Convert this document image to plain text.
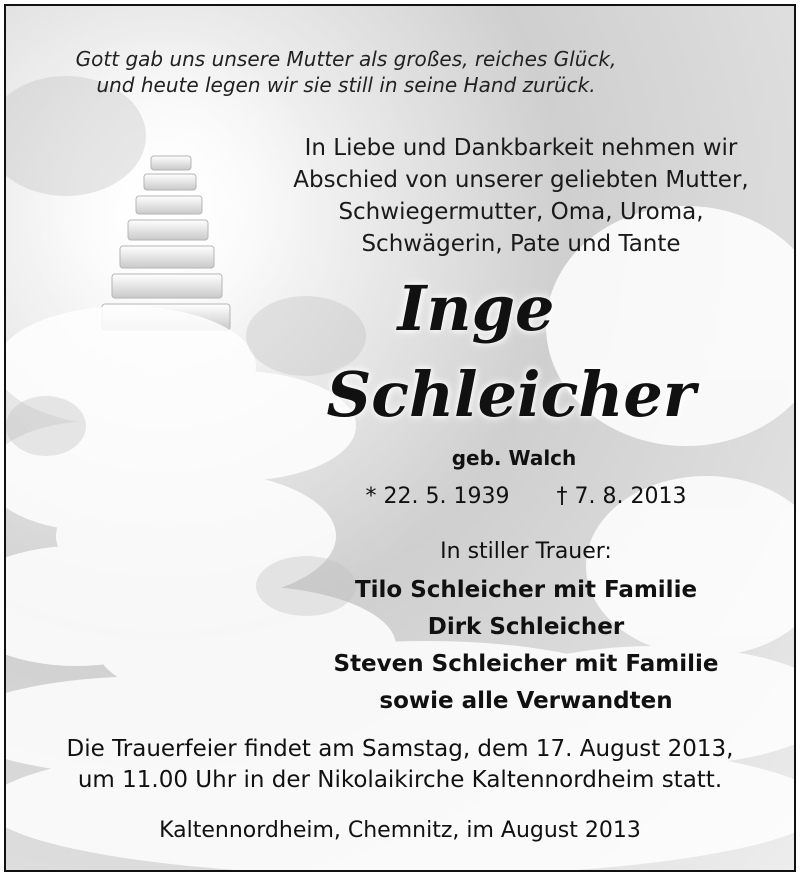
Gott gab uns unsere Mutter als großes, reiches Glück,
und heute legen wir sie still in seine Hand zurück.
In Liebe und Dankbarkeit nehmen wir
Abschied von unserer geliebten Mutter,
Schwiegermutter, Oma, Uroma,
Schwägerin, Pate und Tante
Inge
Schleicher
geb. Walch
* 22. 5. 1939 † 7. 8. 2013
In stiller Trauer:
Tilo Schleicher mit Familie
Dirk Schleicher
Steven Schleicher mit Familie
sowie alle Verwandten
Die Trauerfeier findet am Samstag, dem 17. August 2013,
um 11.00 Uhr in der Nikolaikirche Kaltennordheim statt.
Kaltennordheim, Chemnitz, im August 2013
